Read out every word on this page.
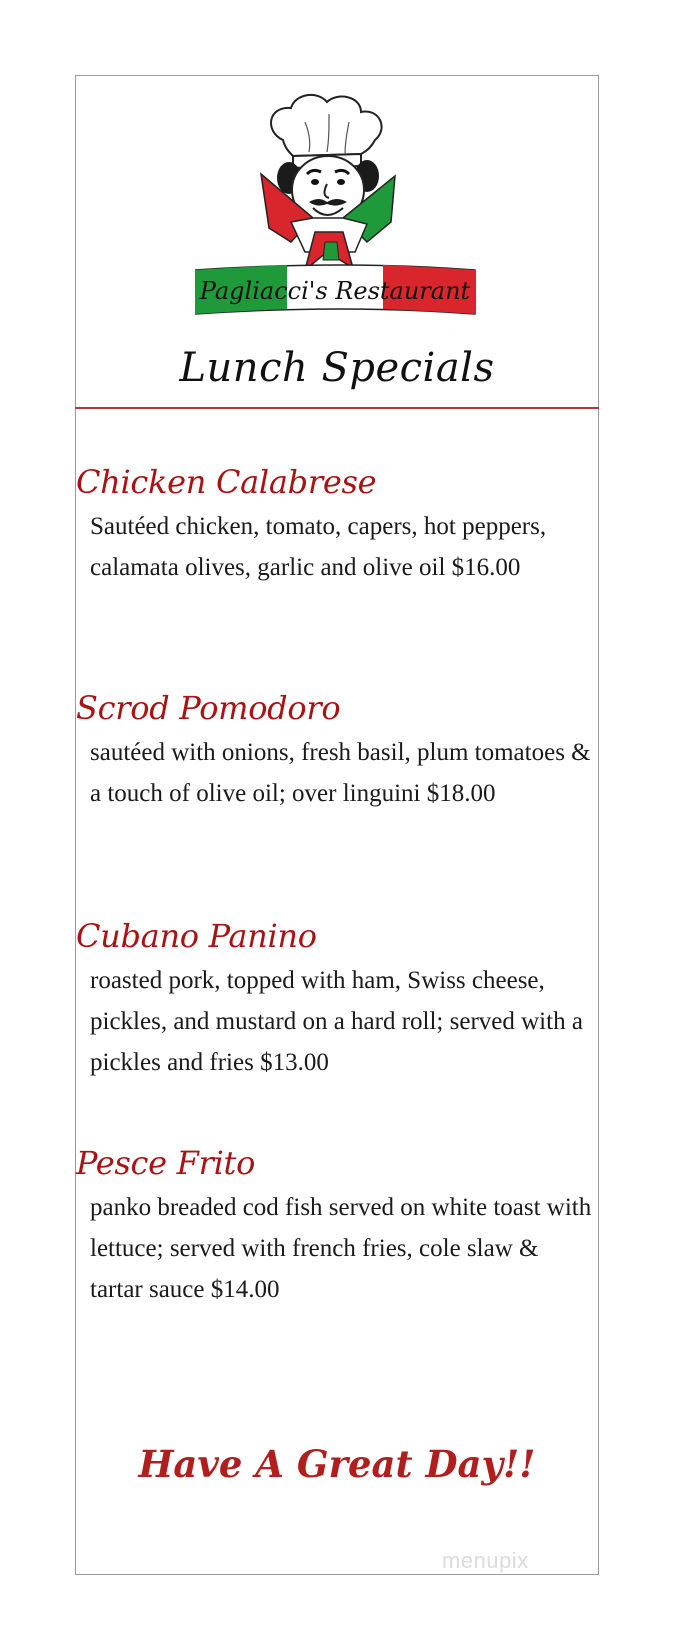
Pagliacci's Restaurant
Lunch Specials

Chicken Calabrese

Sautéed chicken, tomato, capers, hot peppers, calamata olives, garlic and olive oil $16.00

Scrod Pomodoro

sautéed with onions, fresh basil, plum tomatoes & a touch of olive oil; over linguini $18.00

Cubano Panino

roasted pork, topped with ham, Swiss cheese, pickles, and mustard on a hard roll; served with a pickles and fries $13.00

Pesce Frito

panko breaded cod fish served on white toast with lettuce; served with french fries, cole slaw & tartar sauce $14.00

Have A Great Day!!
menupix
